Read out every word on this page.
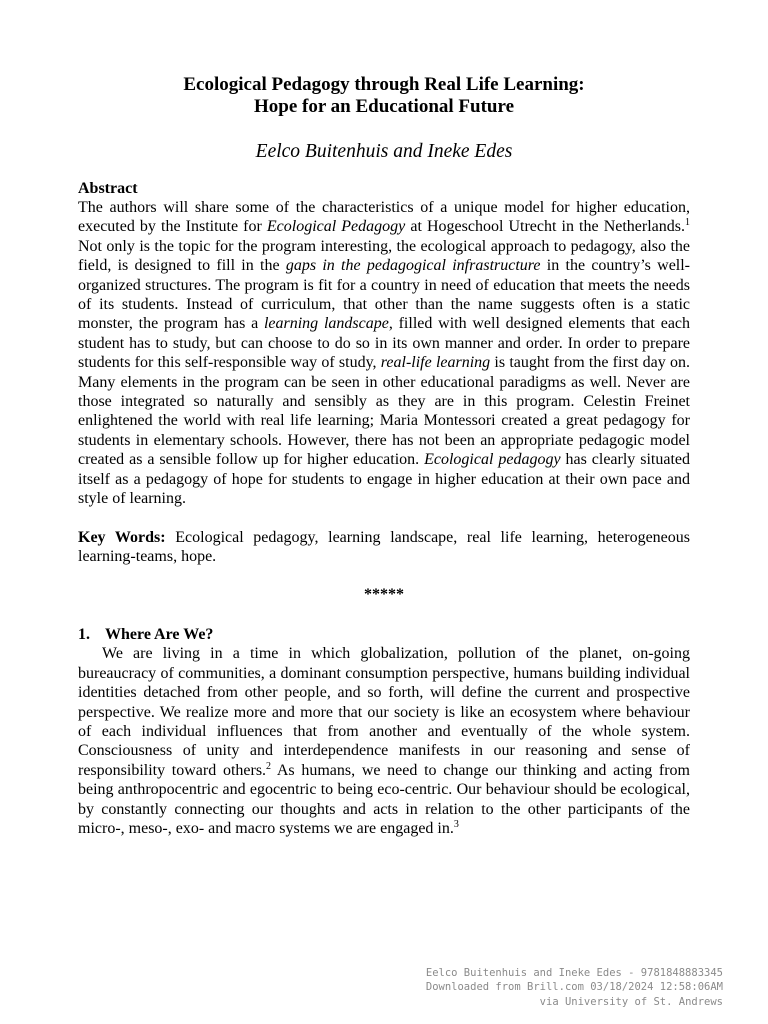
Ecological Pedagogy through Real Life Learning:
Hope for an Educational Future
Eelco Buitenhuis and Ineke Edes
Abstract

The authors will share some of the characteristics of a unique model for higher education, executed by the Institute for Ecological Pedagogy at Hogeschool Utrecht in the Netherlands.$^1$ Not only is the topic for the program interesting, the ecological approach to pedagogy, also the field, is designed to fill in the gaps in the pedagogical infrastructure in the country’s well-organized structures. The program is fit for a country in need of education that meets the needs of its students. Instead of curriculum, that other than the name suggests often is a static monster, the program has a learning landscape, filled with well designed elements that each student has to study, but can choose to do so in its own manner and order. In order to prepare students for this self-responsible way of study, real-life learning is taught from the first day on. Many elements in the program can be seen in other educational paradigms as well. Never are those integrated so naturally and sensibly as they are in this program. Celestin Freinet enlightened the world with real life learning; Maria Montessori created a great pedagogy for students in elementary schools. However, there has not been an appropriate pedagogic model created as a sensible follow up for higher education. Ecological pedagogy has clearly situated itself as a pedagogy of hope for students to engage in higher education at their own pace and style of learning.

Key Words: Ecological pedagogy, learning landscape, real life learning, heterogeneous learning-teams, hope.

*****
1. Where Are We?

We are living in a time in which globalization, pollution of the planet, on-going bureaucracy of communities, a dominant consumption perspective, humans building individual identities detached from other people, and so forth, will define the current and prospective perspective. We realize more and more that our society is like an ecosystem where behaviour of each individual influences that from another and eventually of the whole system. Consciousness of unity and interdependence manifests in our reasoning and sense of responsibility toward others.$^2$ As humans, we need to change our thinking and acting from being anthropocentric and egocentric to being eco-centric. Our behaviour should be ecological, by constantly connecting our thoughts and acts in relation to the other participants of the micro-, meso-, exo- and macro systems we are engaged in.$^3$

Eelco Buitenhuis and Ineke Edes - 9781848883345
Downloaded from Brill.com 03/18/2024 12:58:06AM
via University of St. Andrews
